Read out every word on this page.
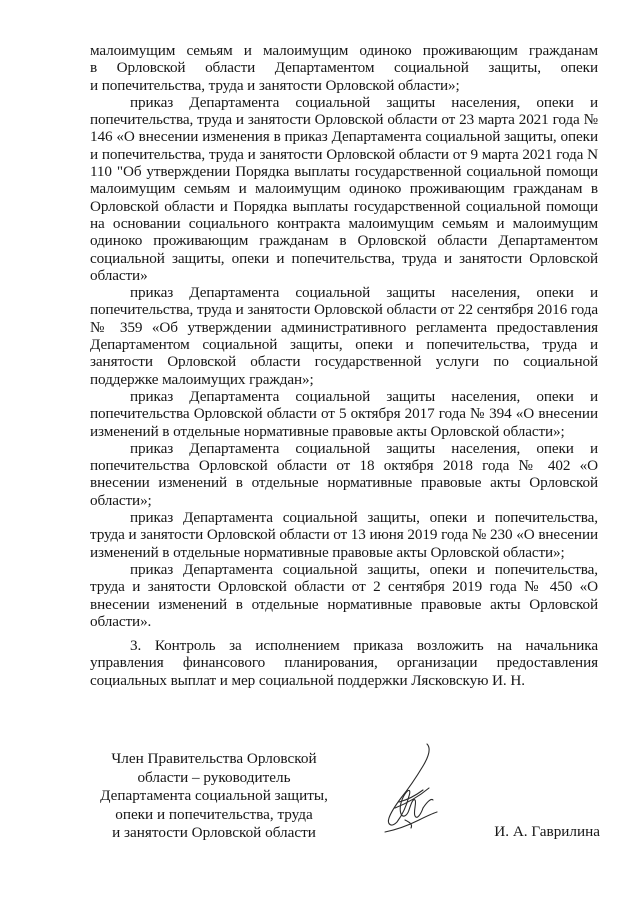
малоимущим семьям и малоимущим одиноко проживающим гражданам
в Орловской области Департаментом социальной защиты, опеки
и попечительства, труда и занятости Орловской области»;

приказ Департамента социальной защиты населения, опеки и попечительства, труда и занятости Орловской области от 23 марта 2021 года № 146 «О внесении изменения в приказ Департамента социальной защиты, опеки и попечительства, труда и занятости Орловской области от 9 марта 2021 года N 110 "Об утверждении Порядка выплаты государственной социальной помощи малоимущим семьям и малоимущим одиноко проживающим гражданам в Орловской области и Порядка выплаты государственной социальной помощи на основании социального контракта малоимущим семьям и малоимущим одиноко проживающим гражданам в Орловской области Департаментом социальной защиты, опеки и попечительства, труда и занятости Орловской области»

приказ Департамента социальной защиты населения, опеки и попечительства, труда и занятости Орловской области от 22 сентября 2016 года № 359 «Об утверждении административного регламента предоставления Департаментом социальной защиты, опеки и попечительства, труда и занятости Орловской области государственной услуги по социальной поддержке малоимущих граждан»;

приказ Департамента социальной защиты населения, опеки и попечительства Орловской области от 5 октября 2017 года № 394 «О внесении изменений в отдельные нормативные правовые акты Орловской области»;

приказ Департамента социальной защиты населения, опеки и попечительства Орловской области от 18 октября 2018 года № 402 «О внесении изменений в отдельные нормативные правовые акты Орловской области»;

приказ Департамента социальной защиты, опеки и попечительства, труда и занятости Орловской области от 13 июня 2019 года № 230 «О внесении изменений в отдельные нормативные правовые акты Орловской области»;

приказ Департамента социальной защиты, опеки и попечительства, труда и занятости Орловской области от 2 сентября 2019 года № 450 «О внесении изменений в отдельные нормативные правовые акты Орловской области».

3. Контроль за исполнением приказа возложить на начальника управления финансового планирования, организации предоставления социальных выплат и мер социальной поддержки Лясковскую И. Н.

Член Правительства Орловской
области – руководитель
Департамента социальной защиты,
опеки и попечительства, труда
и занятости Орловской области	И. А. Гаврилина
